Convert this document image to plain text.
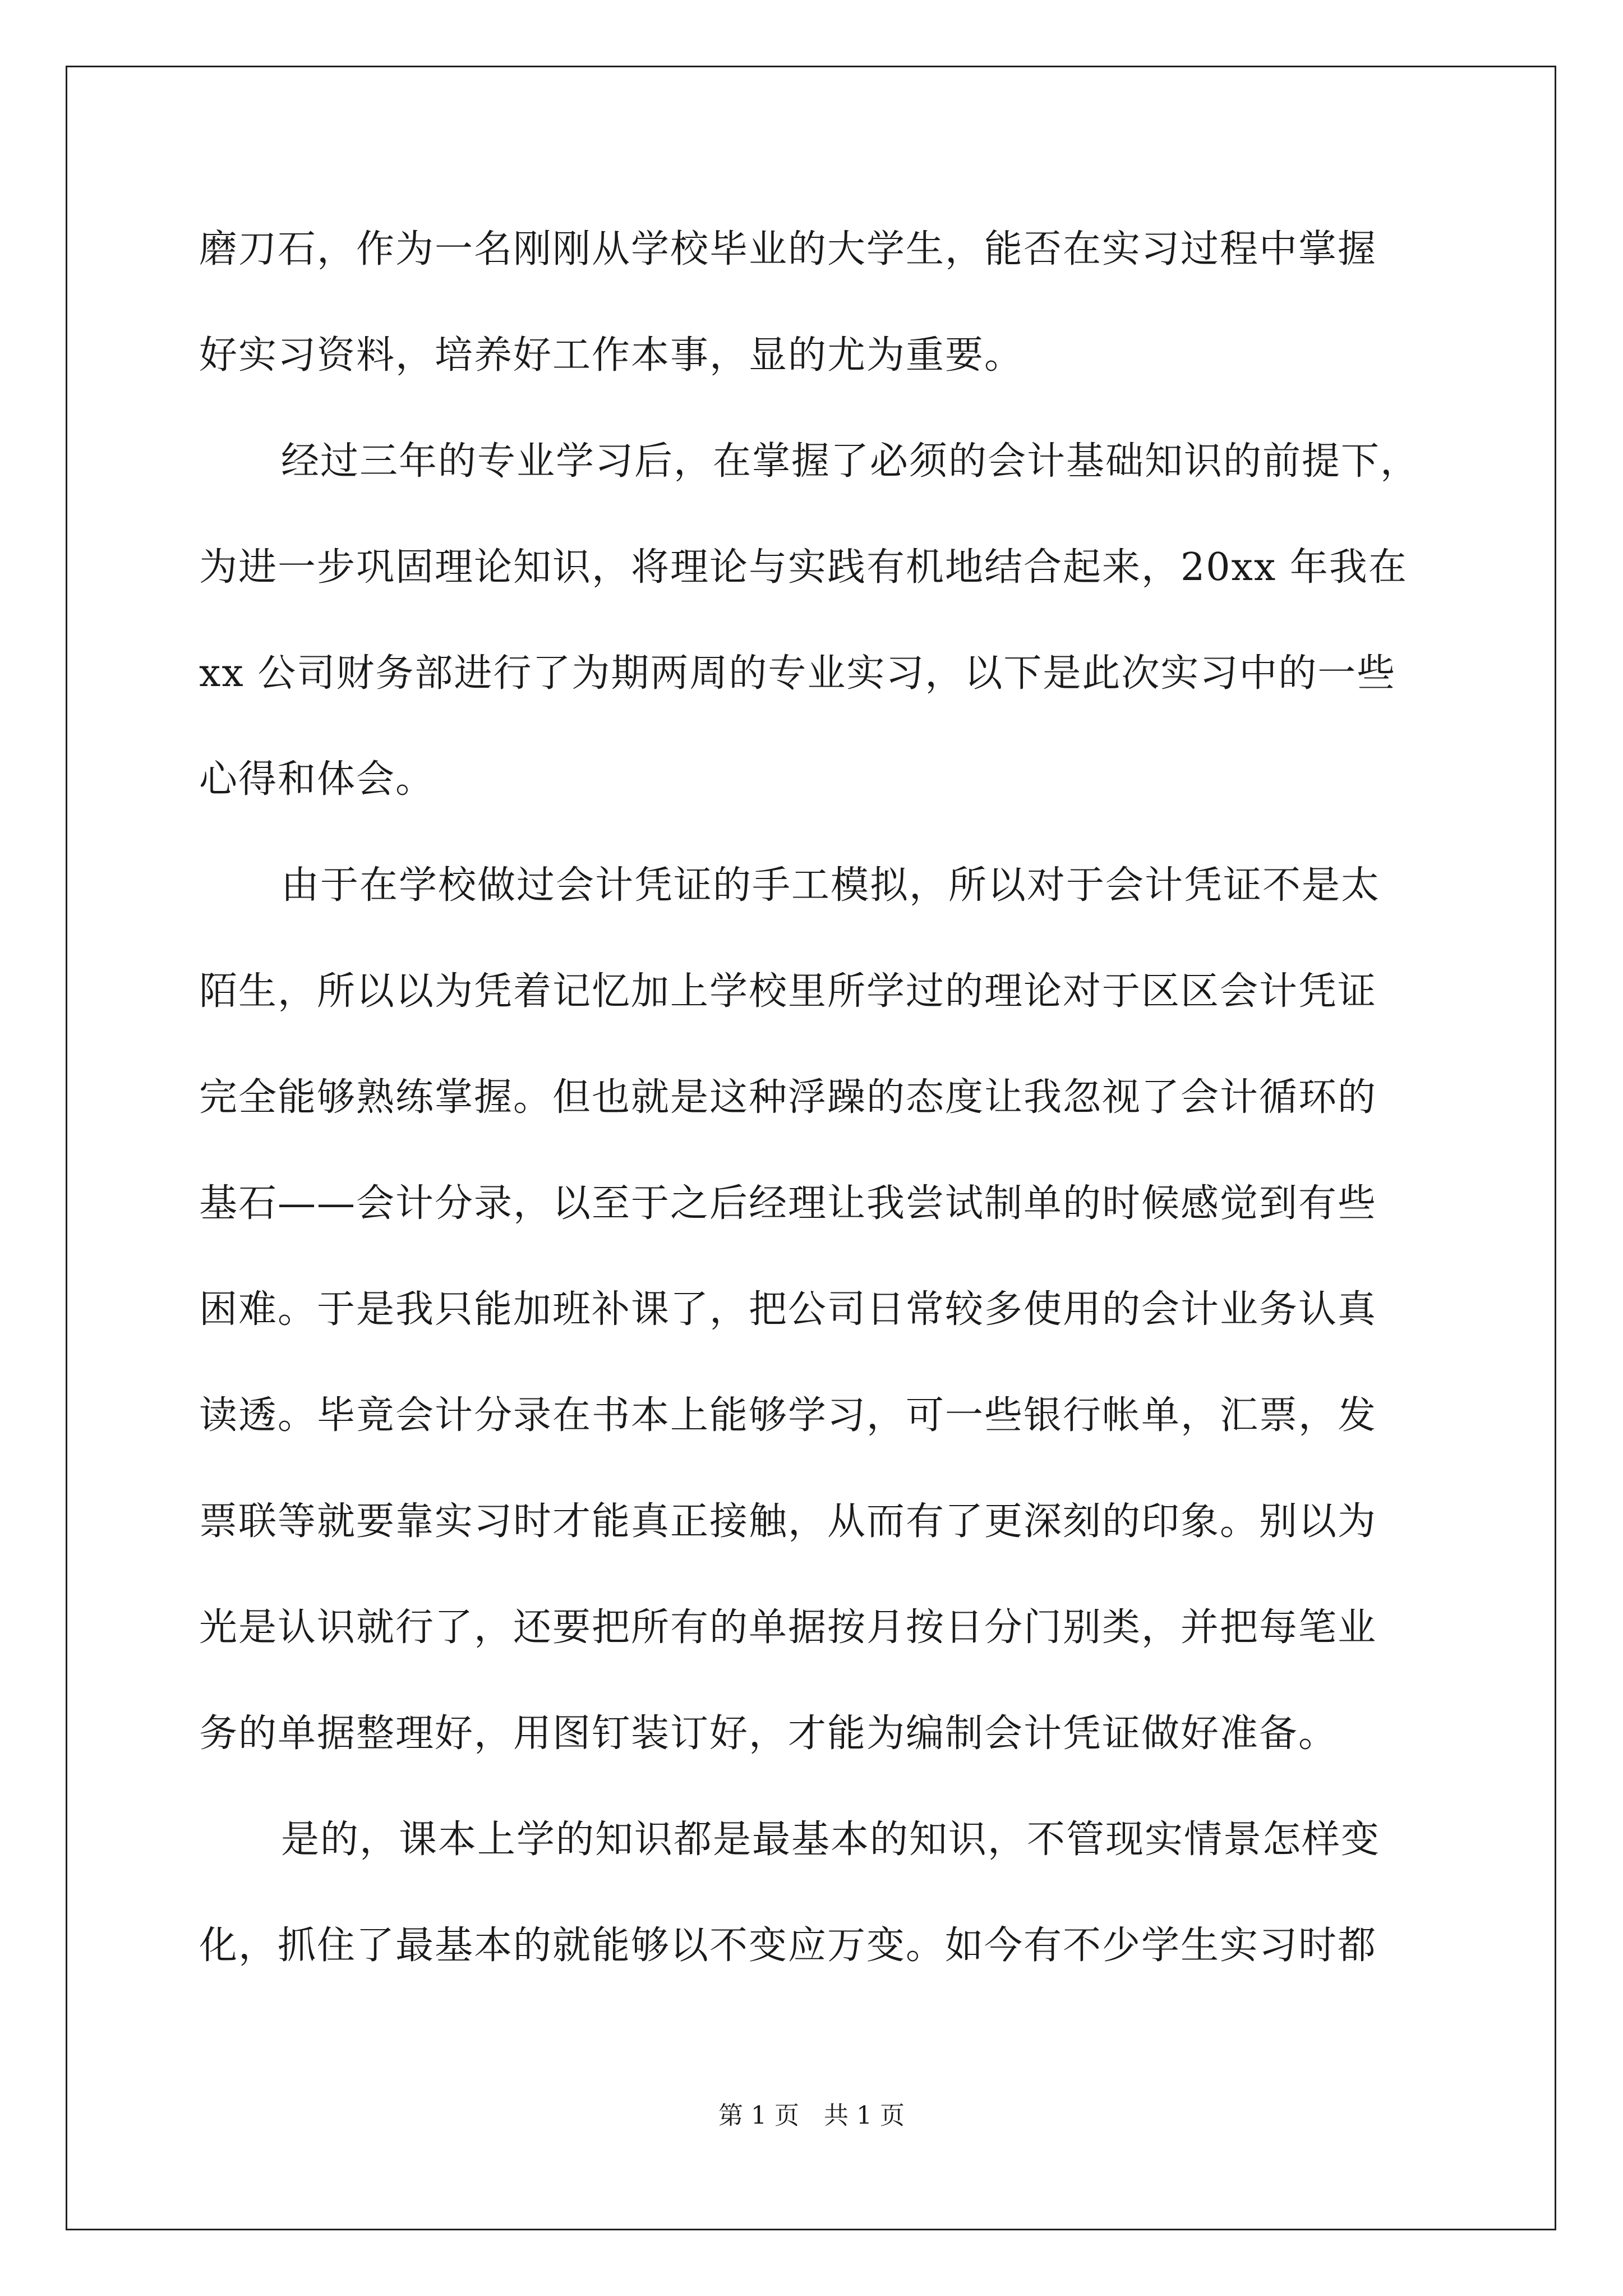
磨刀石，作为一名刚刚从学校毕业的大学生，能否在实习过程中掌握
好实习资料，培养好工作本事，显的尤为重要。
经过三年的专业学习后，在掌握了必须的会计基础知识的前提下，
为进一步巩固理论知识，将理论与实践有机地结合起来，20xx 年我在
xx 公司财务部进行了为期两周的专业实习，以下是此次实习中的一些
心得和体会。
由于在学校做过会计凭证的手工模拟，所以对于会计凭证不是太
陌生，所以以为凭着记忆加上学校里所学过的理论对于区区会计凭证
完全能够熟练掌握。但也就是这种浮躁的态度让我忽视了会计循环的
基石——会计分录，以至于之后经理让我尝试制单的时候感觉到有些
困难。于是我只能加班补课了，把公司日常较多使用的会计业务认真
读透。毕竟会计分录在书本上能够学习，可一些银行帐单，汇票，发
票联等就要靠实习时才能真正接触，从而有了更深刻的印象。别以为
光是认识就行了，还要把所有的单据按月按日分门别类，并把每笔业
务的单据整理好，用图钉装订好，才能为编制会计凭证做好准备。
是的，课本上学的知识都是最基本的知识，不管现实情景怎样变
化，抓住了最基本的就能够以不变应万变。如今有不少学生实习时都
第 1 页　共 1 页
